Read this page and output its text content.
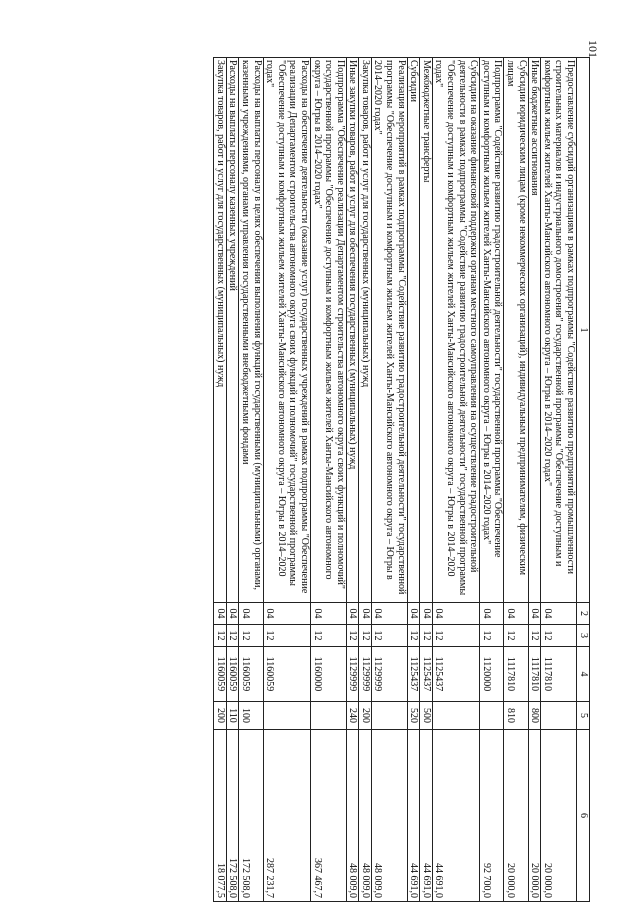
101
1	2	3	4	5	6
Предоставление субсидий организациям в рамках подпрограммы "Содействие развитию предприятий промышленности строительных материалов и индустриального домостроения" государственной программы "Обеспечение доступным и комфортным жильем жителей Ханты-Мансийского автономного округа – Югры в 2014–2020 годах"	04	12	1117810		20 000,0
Иные бюджетные ассигнования	04	12	1117810	800	20 000,0
Субсидии юридическим лицам (кроме некоммерческих организаций), индивидуальным предпринимателям, физическим лицам	04	12	1117810	810	20 000,0
Подпрограмма "Содействие развитию градостроительной деятельности" государственной программы "Обеспечение доступным и комфортным жильем жителей Ханты-Мансийского автономного округа – Югры в 2014–2020 годах"	04	12	1120000		92 700,0
Субсидии на оказание финансовой поддержки органам местного самоуправления на осуществление градостроительной деятельности в рамках подпрограммы "Содействие развитию градостроительной деятельности" государственной программы "Обеспечение доступным и комфортным жильем жителей Ханты-Мансийского автономного округа – Югры в 2014–2020 годах"	04	12	1125437		44 691,0
Межбюджетные трансферты	04	12	1125437	500	44 691,0
Субсидии	04	12	1125437	520	44 691,0
Реализация мероприятий в рамках подпрограммы "Содействие развитию градостроительной деятельности" государственной программы "Обеспечение доступным и комфортным жильем жителей Ханты-Мансийского автономного округа – Югры в 2014–2020 годах"	04	12	1129999		48 009,0
Закупка товаров, работ и услуг для государственных (муниципальных) нужд	04	12	1129999	200	48 009,0
Иные закупки товаров, работ и услуг для обеспечения государственных (муниципальных) нужд	04	12	1129999	240	48 009,0
Подпрограмма "Обеспечение реализации Департаментом строительства автономного округа своих функций и полномочий" государственной программы "Обеспечение доступным и комфортным жильем жителей Ханты-Мансийского автономного округа – Югры в 2014–2020 годах"	04	12	1160000		367 467,7
Расходы на обеспечение деятельности (оказание услуг) государственных учреждений в рамках подпрограммы "Обеспечение реализации Департаментом строительства автономного округа своих функций и полномочий" государственной программы "Обеспечение доступным и комфортным жильем жителей Ханты-Мансийского автономного округа – Югры в 2014–2020 годах"	04	12	1160059		287 231,7
Расходы на выплаты персоналу в целях обеспечения выполнения функций государственными (муниципальными) органами, казенными учреждениями, органами управления государственными внебюджетными фондами	04	12	1160059	100	172 508,0
Расходы на выплаты персоналу казенных учреждений	04	12	1160059	110	172 508,0
Закупка товаров, работ и услуг для государственных (муниципальных) нужд	04	12	1160059	200	18 077,5
